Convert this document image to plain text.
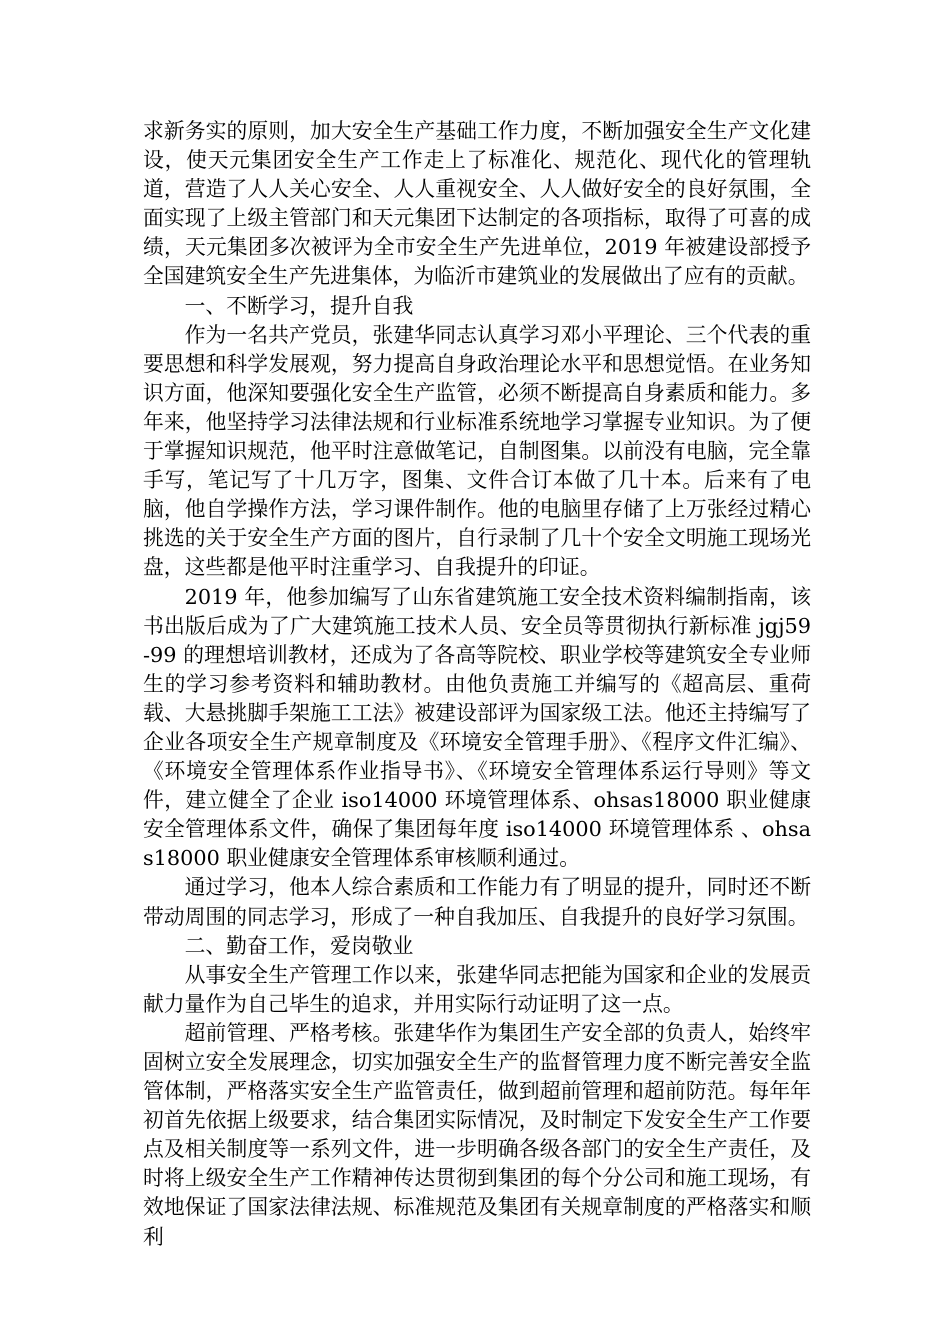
求新务实的原则，加大安全生产基础工作力度，不断加强安全生产文化建设，使天元集团安全生产工作走上了标准化、规范化、现代化的管理轨道，营造了人人关心安全、人人重视安全、人人做好安全的良好氛围，全面实现了上级主管部门和天元集团下达制定的各项指标，取得了可喜的成绩，天元集团多次被评为全市安全生产先进单位，2019 年被建设部授予全国建筑安全生产先进集体，为临沂市建筑业的发展做出了应有的贡献。

一、不断学习，提升自我

作为一名共产党员，张建华同志认真学习邓小平理论、三个代表的重要思想和科学发展观，努力提高自身政治理论水平和思想觉悟。在业务知识方面，他深知要强化安全生产监管，必须不断提高自身素质和能力。多年来，他坚持学习法律法规和行业标准系统地学习掌握专业知识。为了便于掌握知识规范，他平时注意做笔记，自制图集。以前没有电脑，完全靠手写，笔记写了十几万字，图集、文件合订本做了几十本。后来有了电脑，他自学操作方法，学习课件制作。他的电脑里存储了上万张经过精心挑选的关于安全生产方面的图片，自行录制了几十个安全文明施工现场光盘，这些都是他平时注重学习、自我提升的印证。

2019 年，他参加编写了山东省建筑施工安全技术资料编制指南，该书出版后成为了广大建筑施工技术人员、安全员等贯彻执行新标准 jgj59-99 的理想培训教材，还成为了各高等院校、职业学校等建筑安全专业师生的学习参考资料和辅助教材。由他负责施工并编写的《超高层、重荷载、大悬挑脚手架施工工法》被建设部评为国家级工法。他还主持编写了企业各项安全生产规章制度及《环境安全管理手册》、《程序文件汇编》、《环境安全管理体系作业指导书》、《环境安全管理体系运行导则》等文件，建立健全了企业 iso14000 环境管理体系、ohsas18000 职业健康安全管理体系文件，确保了集团每年度 iso14000 环境管理体系 、ohsas18000 职业健康安全管理体系审核顺利通过。

通过学习，他本人综合素质和工作能力有了明显的提升，同时还不断带动周围的同志学习，形成了一种自我加压、自我提升的良好学习氛围。

二、勤奋工作，爱岗敬业

从事安全生产管理工作以来，张建华同志把能为国家和企业的发展贡献力量作为自己毕生的追求，并用实际行动证明了这一点。

超前管理、严格考核。张建华作为集团生产安全部的负责人，始终牢固树立安全发展理念，切实加强安全生产的监督管理力度不断完善安全监管体制，严格落实安全生产监管责任，做到超前管理和超前防范。每年年初首先依据上级要求，结合集团实际情况，及时制定下发安全生产工作要点及相关制度等一系列文件，进一步明确各级各部门的安全生产责任，及时将上级安全生产工作精神传达贯彻到集团的每个分公司和施工现场，有效地保证了国家法律法规、标准规范及集团有关规章制度的严格落实和顺利
